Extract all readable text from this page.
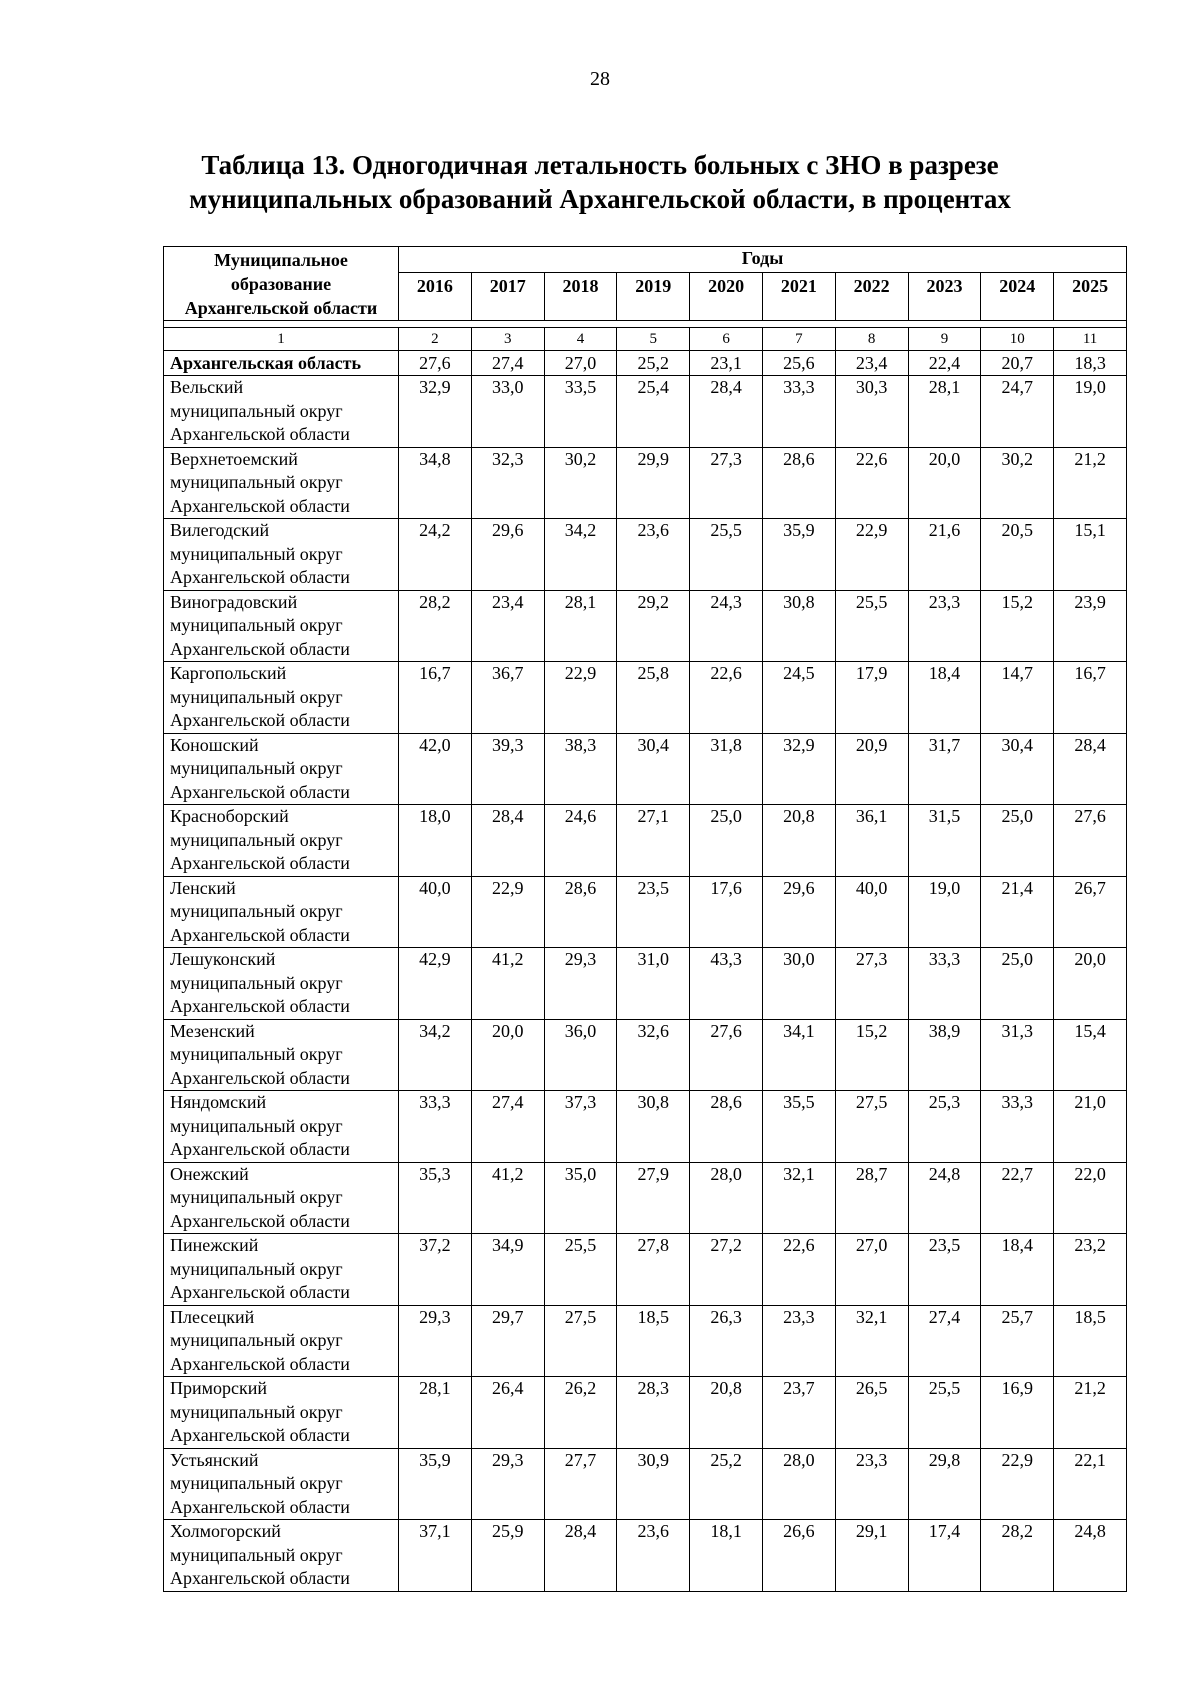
28
Таблица 13. Одногодичная летальность больных с ЗНО в разрезе
муниципальных образований Архангельской области, в процентах
Муниципальное
образование
Архангельской области	Годы									
	2016	2017	2018	2019	2020	2021	2022	2023	2024	2025

1	2	3	4	5	6	7	8	9	10	11
Архангельская область	27,6	27,4	27,0	25,2	23,1	25,6	23,4	22,4	20,7	18,3

Вельский
муниципальный округ
Архангельской области	32,9	33,0	33,5	25,4	28,4	33,3	30,3	28,1	24,7	19,0

Верхнетоемский
муниципальный округ
Архангельской области	34,8	32,3	30,2	29,9	27,3	28,6	22,6	20,0	30,2	21,2

Вилегодский
муниципальный округ
Архангельской области	24,2	29,6	34,2	23,6	25,5	35,9	22,9	21,6	20,5	15,1

Виноградовский
муниципальный округ
Архангельской области	28,2	23,4	28,1	29,2	24,3	30,8	25,5	23,3	15,2	23,9

Каргопольский
муниципальный округ
Архангельской области	16,7	36,7	22,9	25,8	22,6	24,5	17,9	18,4	14,7	16,7

Коношский
муниципальный округ
Архангельской области	42,0	39,3	38,3	30,4	31,8	32,9	20,9	31,7	30,4	28,4

Красноборский
муниципальный округ
Архангельской области	18,0	28,4	24,6	27,1	25,0	20,8	36,1	31,5	25,0	27,6

Ленский
муниципальный округ
Архангельской области	40,0	22,9	28,6	23,5	17,6	29,6	40,0	19,0	21,4	26,7

Лешуконский
муниципальный округ
Архангельской области	42,9	41,2	29,3	31,0	43,3	30,0	27,3	33,3	25,0	20,0

Мезенский
муниципальный округ
Архангельской области	34,2	20,0	36,0	32,6	27,6	34,1	15,2	38,9	31,3	15,4

Няндомский
муниципальный округ
Архангельской области	33,3	27,4	37,3	30,8	28,6	35,5	27,5	25,3	33,3	21,0

Онежский
муниципальный округ
Архангельской области	35,3	41,2	35,0	27,9	28,0	32,1	28,7	24,8	22,7	22,0

Пинежский
муниципальный округ
Архангельской области	37,2	34,9	25,5	27,8	27,2	22,6	27,0	23,5	18,4	23,2

Плесецкий
муниципальный округ
Архангельской области	29,3	29,7	27,5	18,5	26,3	23,3	32,1	27,4	25,7	18,5

Приморский
муниципальный округ
Архангельской области	28,1	26,4	26,2	28,3	20,8	23,7	26,5	25,5	16,9	21,2

Устьянский
муниципальный округ
Архангельской области	35,9	29,3	27,7	30,9	25,2	28,0	23,3	29,8	22,9	22,1

Холмогорский
муниципальный округ
Архангельской области	37,1	25,9	28,4	23,6	18,1	26,6	29,1	17,4	28,2	24,8
